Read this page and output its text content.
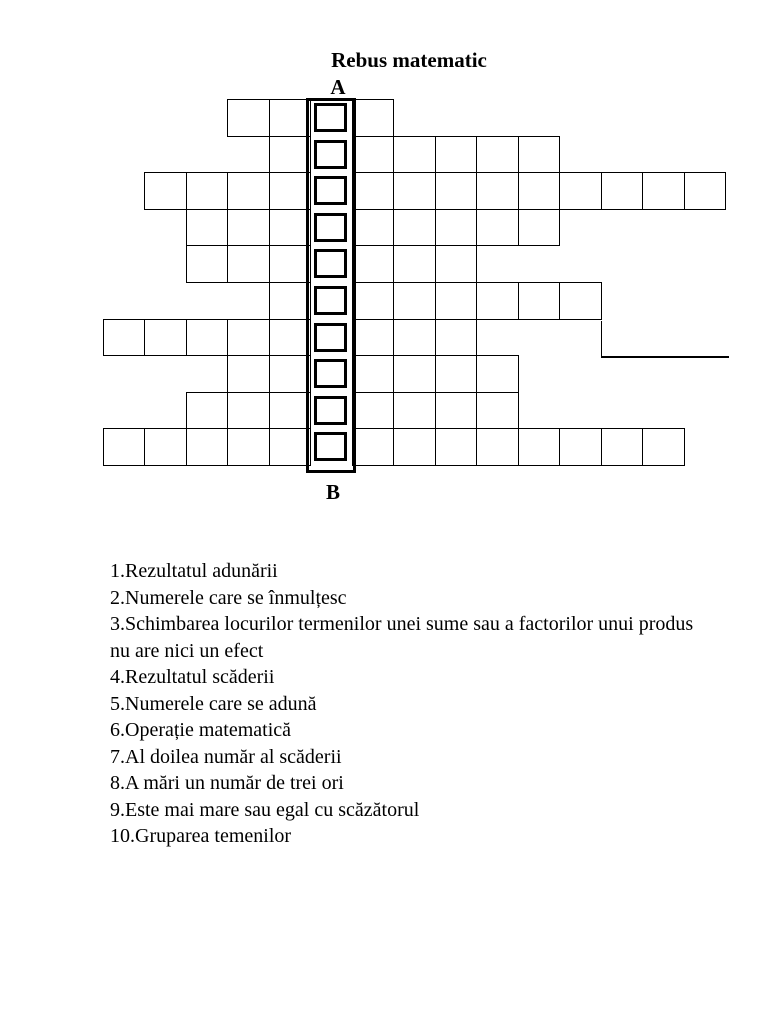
Rebus matematic
A
B

1.Rezultatul adunării

2.Numerele care se înmulțesc

3.Schimbarea locurilor termenilor unei sume sau a factorilor unui produs nu are nici un efect

4.Rezultatul scăderii

5.Numerele care se adună

6.Operație matematică

7.Al doilea număr al scăderii

8.A mări un număr de trei ori

9.Este mai mare sau egal cu scăzătorul

10.Gruparea temenilor
